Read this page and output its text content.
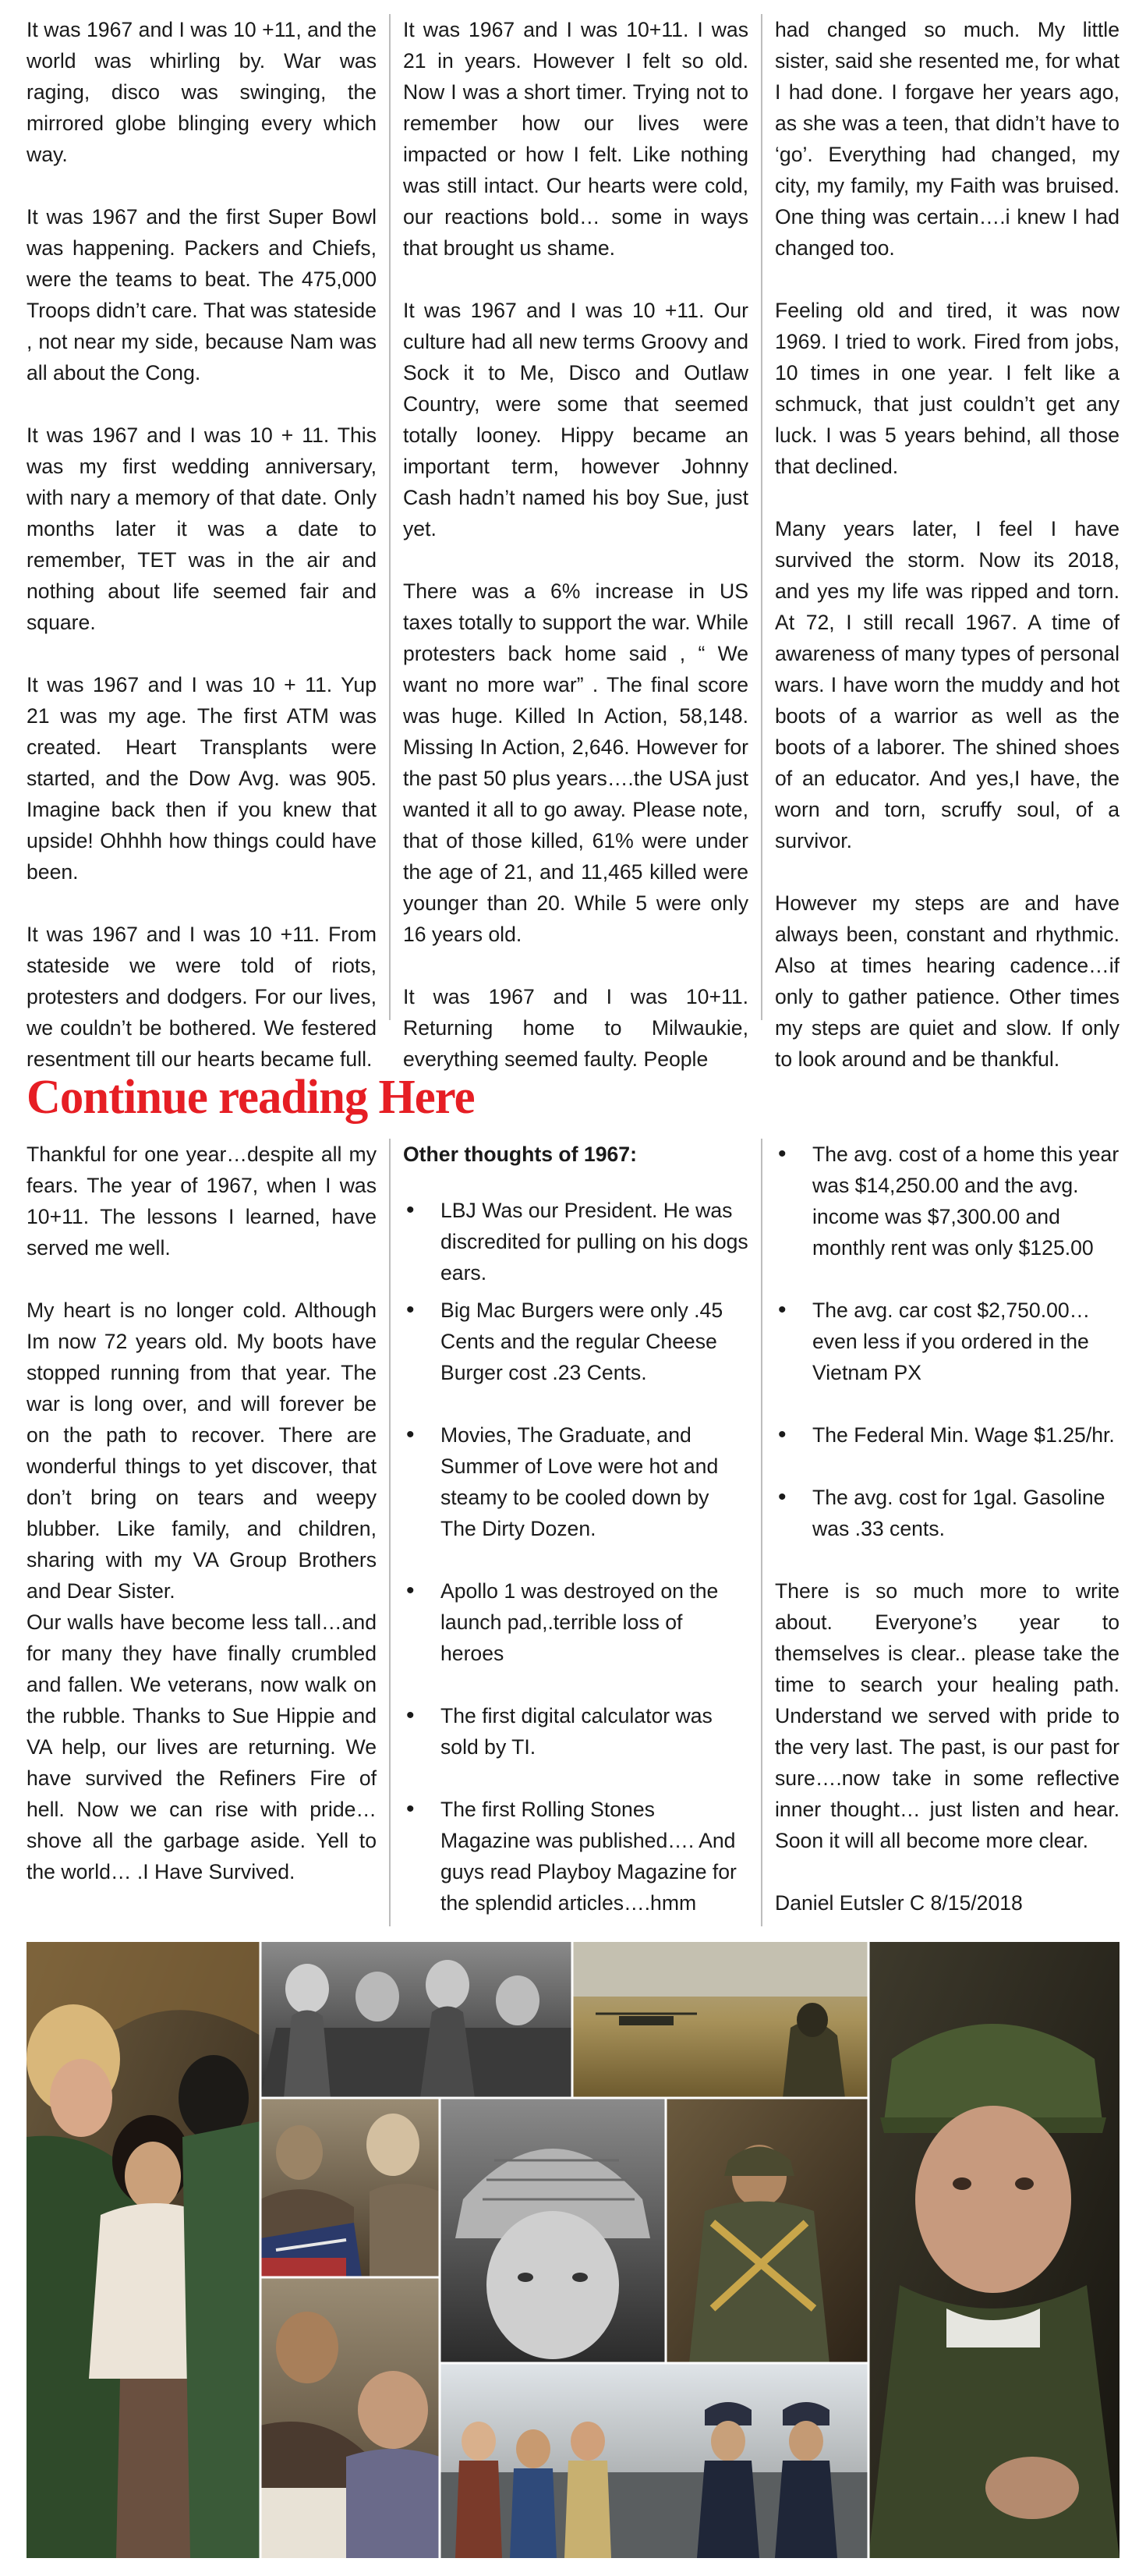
It was 1967 and I was 10 +11, and the world was whirling by. War was raging, disco was swinging, the mirrored globe blinging every which way.

It was 1967 and the first Super Bowl was happening. Packers and Chiefs, were the teams to beat. The 475,000 Troops didn’t care. That was stateside , not near my side, because Nam was all about the Cong.

It was 1967 and I was 10 + 11. This was my first wedding anniversary, with nary a memory of that date. Only months later it was a date to remember, TET was in the air and nothing about life seemed fair and square.

It was 1967 and I was 10 + 11. Yup 21 was my age. The first ATM was created. Heart Transplants were started, and the Dow Avg. was 905. Imagine back then if you knew that upside! Ohhhh how things could have been.

It was 1967 and I was 10 +11. From stateside we were told of riots, protesters and dodgers. For our lives, we couldn’t be bothered. We festered resentment till our hearts became full.

It was 1967 and I was 10+11. I was 21 in years. However I felt so old. Now I was a short timer. Trying not to remember how our lives were impacted or how I felt. Like nothing was still intact. Our hearts were cold, our reactions bold… some in ways that brought us shame.

It was 1967 and I was 10 +11. Our culture had all new terms Groovy and Sock it to Me, Disco and Outlaw Country, were some that seemed totally looney. Hippy became an important term, however Johnny Cash hadn’t named his boy Sue, just yet.

There was a 6% increase in US taxes totally to support the war. While protesters back home said , “ We want no more war” . The final score was huge. Killed In Action, 58,148. Missing In Action, 2,646. However for the past 50 plus years….the USA just wanted it all to go away. Please note, that of those killed, 61% were under the age of 21, and 11,465 killed were younger than 20. While 5 were only 16 years old.

It was 1967 and I was 10+11. Returning home to Milwaukie, everything seemed faulty. People

had changed so much. My little sister, said she resented me, for what I had done. I forgave her years ago, as she was a teen, that didn’t have to ‘go’. Everything had changed, my city, my family, my Faith was bruised. One thing was certain….i knew I had changed too.

Feeling old and tired, it was now 1969. I tried to work. Fired from jobs, 10 times in one year. I felt like a schmuck, that just couldn’t get any luck. I was 5 years behind, all those that declined.

Many years later, I feel I have survived the storm. Now its 2018, and yes my life was ripped and torn. At 72, I still recall 1967. A time of awareness of many types of personal wars. I have worn the muddy and hot boots of a warrior as well as the boots of a laborer. The shined shoes of an educator. And yes,I have, the worn and torn, scruffy soul, of a survivor.

However my steps are and have always been, constant and rhythmic. Also at times hearing cadence…if only to gather patience. Other times my steps are quiet and slow. If only to look around and be thankful.

Continue reading Here

Thankful for one year…despite all my fears. The year of 1967, when I was 10+11. The lessons I learned, have served me well.

My heart is no longer cold. Although Im now 72 years old. My boots have stopped running from that year. The war is long over, and will forever be on the path to recover. There are wonderful things to yet discover, that don’t bring on tears and weepy blubber. Like family, and children, sharing with my VA Group Brothers and Dear Sister.

Our walls have become less tall…and for many they have finally crumbled and fallen. We veterans, now walk on the rubble. Thanks to Sue Hippie and VA help, our lives are returning. We have survived the Refiners Fire of hell. Now we can rise with pride…shove all the garbage aside. Yell to the world… .I Have Survived.

Other thoughts of 1967:

• LBJ Was our President. He was discredited for pulling on his dogs ears.
• Big Mac Burgers were only .45 Cents and the regular Cheese Burger cost .23 Cents.
• Movies, The Graduate, and Summer of Love were hot and steamy to be cooled down by The Dirty Dozen.
• Apollo 1 was destroyed on the launch pad,.terrible loss of heroes
• The first digital calculator was sold by TI.
• The first Rolling Stones Magazine was published…. And guys read Playboy Magazine for the splendid articles….hmm
• The avg. cost of a home this year was $14,250.00 and the avg. income was $7,300.00 and monthly rent was only $125.00
• The avg. car cost $2,750.00…even less if you ordered in the Vietnam PX
• The Federal Min. Wage $1.25/hr.
• The avg. cost for 1gal. Gasoline was .33 cents.

There is so much more to write about. Everyone’s year to themselves is clear.. please take the time to search your healing path. Understand we served with pride to the very last. The past, is our past for sure….now take in some reflective inner thought… just listen and hear. Soon it will all become more clear.

Daniel Eutsler C 8/15/2018
